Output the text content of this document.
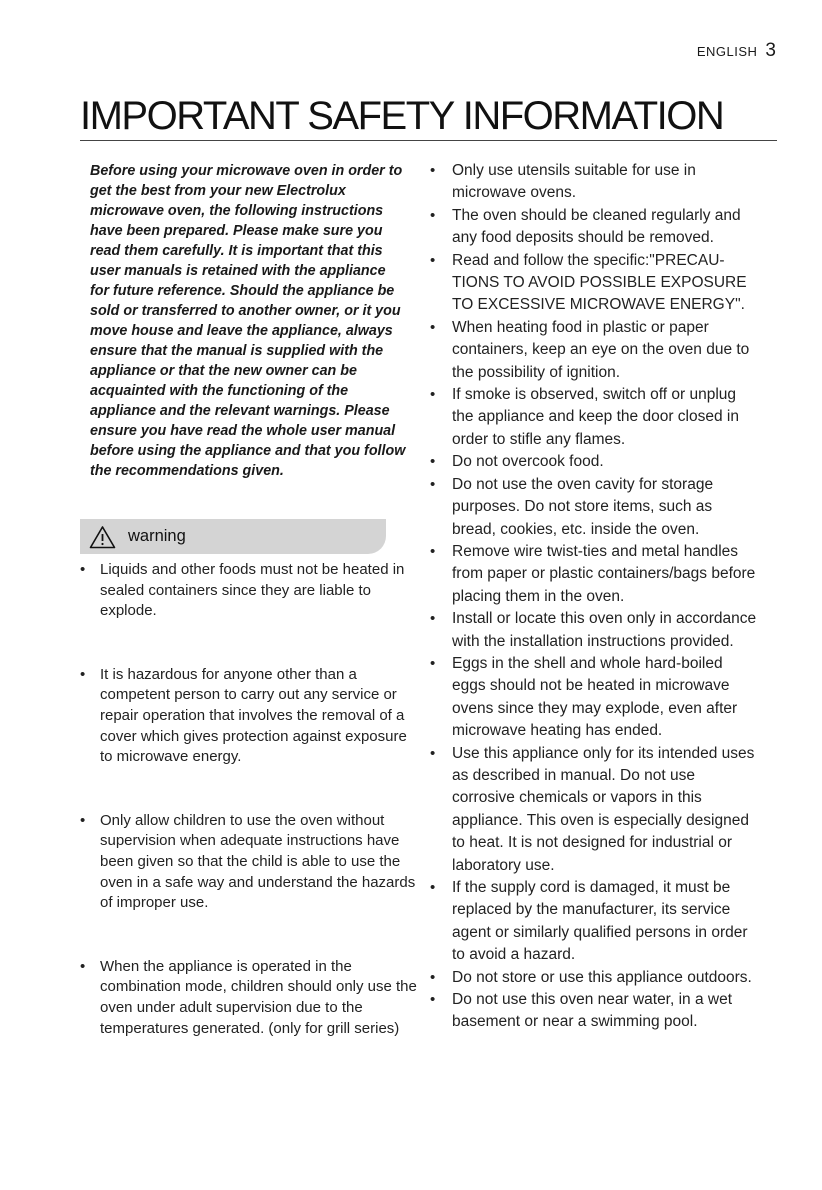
ENGLISH 3
IMPORTANT SAFETY INFORMATION

Before using your microwave oven in order to get the best from your new Electrolux microwave oven, the following instructions have been prepared. Please make sure you read them carefully. It is important that this user manuals is retained with the appliance for future reference. Should the appliance be sold or transferred to another owner, or it you move house and leave the appliance, always ensure that the manual is supplied with the appliance or that the new owner can be acquainted with the functioning of the appliance and the relevant warnings. Please ensure you have read the whole user manual before using the appliance and that you follow the recommendations given.

warning
• Liquids and other foods must not be heated in sealed containers since they are liable to explode.
• It is hazardous for anyone other than a competent person to carry out any service or repair operation that involves the removal of a cover which gives protection against exposure to microwave energy.
• Only allow children to use the oven without supervision when adequate instructions have been given so that the child is able to use the oven in a safe way and understand the hazards of improper use.
• When the appliance is operated in the combination mode, children should only use the oven under adult supervision due to the temperatures generated. (only for grill series)
• Only use utensils suitable for use in microwave ovens.
• The oven should be cleaned regularly and any food deposits should be removed.
• Read and follow the specific:"PRECAU-TIONS TO AVOID POSSIBLE EXPOSURE TO EXCESSIVE MICROWAVE ENERGY".
• When heating food in plastic or paper containers, keep an eye on the oven due to the possibility of ignition.
• If smoke is observed, switch off or unplug the appliance and keep the door closed in order to stifle any flames.
• Do not overcook food.
• Do not use the oven cavity for storage purposes. Do not store items, such as bread, cookies, etc. inside the oven.
• Remove wire twist-ties and metal handles from paper or plastic containers/bags before placing them in the oven.
• Install or locate this oven only in accordance with the installation instructions provided.
• Eggs in the shell and whole hard-boiled eggs should not be heated in microwave ovens since they may explode, even after microwave heating has ended.
• Use this appliance only for its intended uses as described in manual. Do not use corrosive chemicals or vapors in this appliance. This oven is especially designed to heat. It is not designed for industrial or laboratory use.
• If the supply cord is damaged, it must be replaced by the manufacturer, its service agent or similarly qualified persons in order to avoid a hazard.
• Do not store or use this appliance outdoors.
• Do not use this oven near water, in a wet basement or near a swimming pool.
